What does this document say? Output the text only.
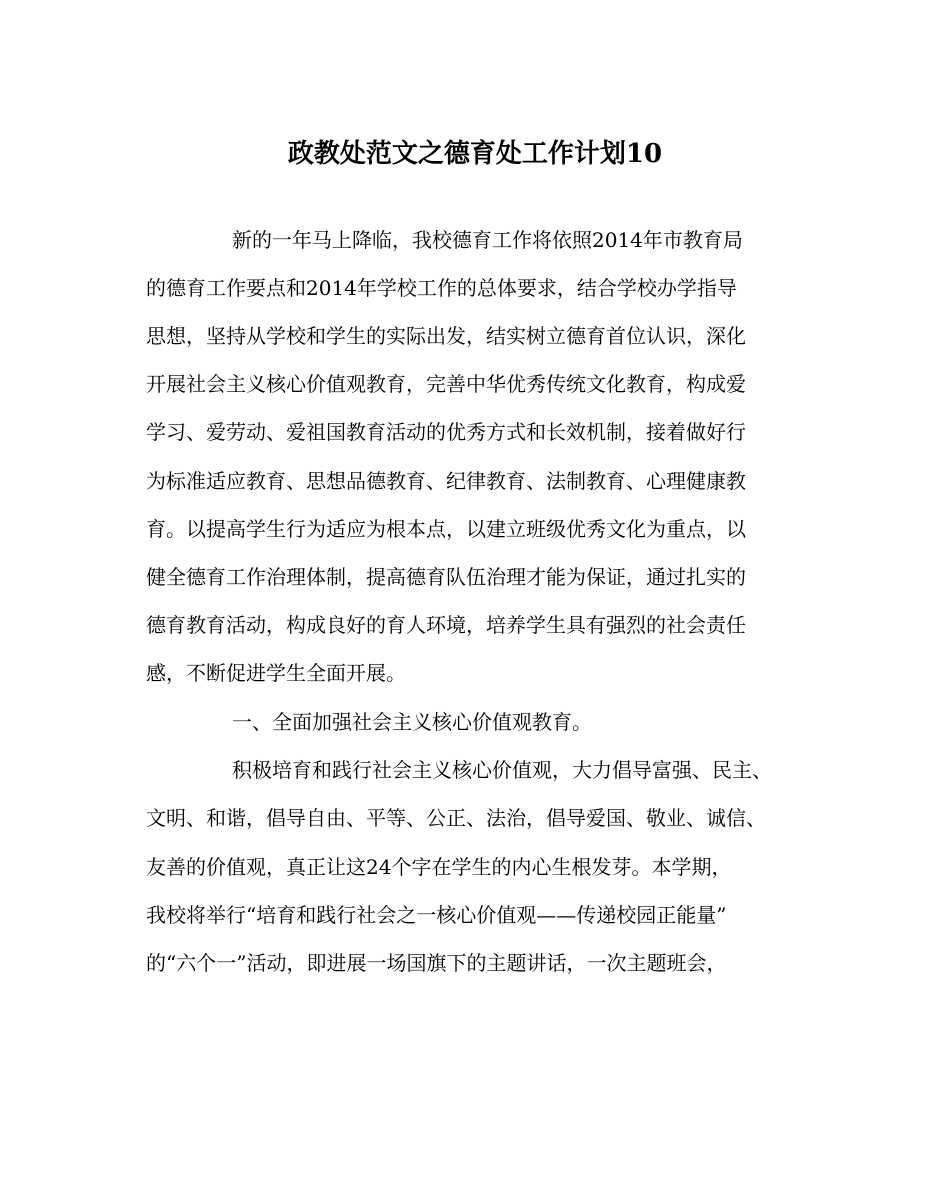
政教处范文之德育处工作计划10
新的一年马上降临，我校德育工作将依照2014年市教育局
的德育工作要点和2014年学校工作的总体要求，结合学校办学指导
思想，坚持从学校和学生的实际出发，结实树立德育首位认识，深化
开展社会主义核心价值观教育，完善中华优秀传统文化教育，构成爱
学习、爱劳动、爱祖国教育活动的优秀方式和长效机制，接着做好行
为标准适应教育、思想品德教育、纪律教育、法制教育、心理健康教
育。以提高学生行为适应为根本点，以建立班级优秀文化为重点，以
健全德育工作治理体制，提高德育队伍治理才能为保证，通过扎实的
德育教育活动，构成良好的育人环境，培养学生具有强烈的社会责任
感，不断促进学生全面开展。
一、全面加强社会主义核心价值观教育。
积极培育和践行社会主义核心价值观，大力倡导富强、民主、
文明、和谐，倡导自由、平等、公正、法治，倡导爱国、敬业、诚信、
友善的价值观，真正让这24个字在学生的内心生根发芽。本学期，
我校将举行“培育和践行社会之一核心价值观——传递校园正能量”
的“六个一”活动，即进展一场国旗下的主题讲话，一次主题班会，
